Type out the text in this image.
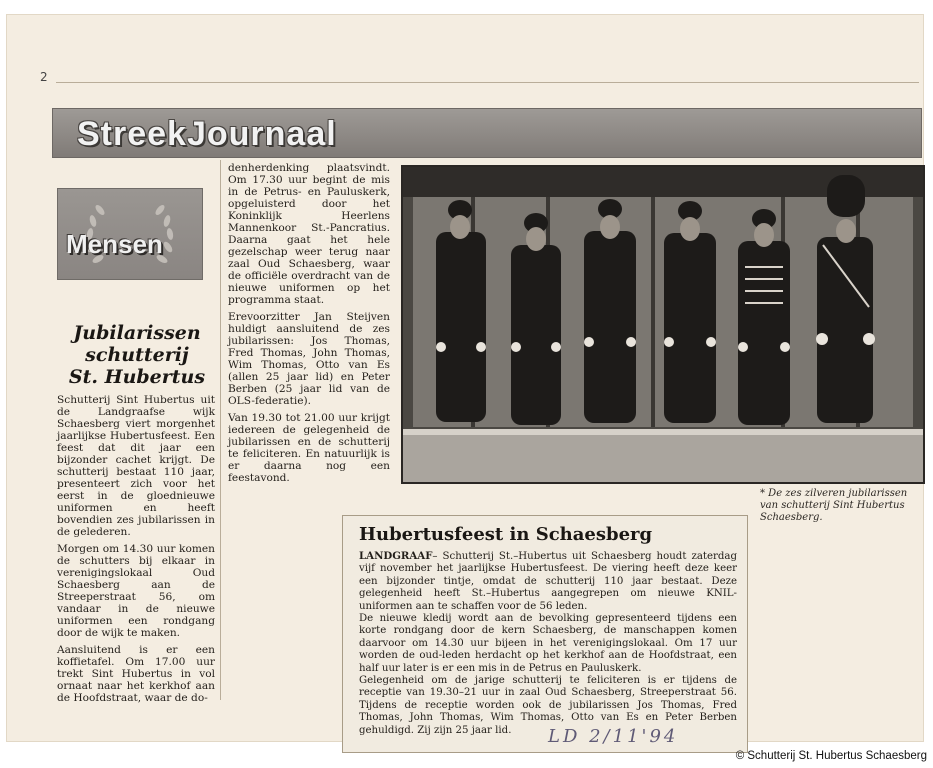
2
StreekJournaal
Mensen
Jubilarissen
schutterij
St. Hubertus

Schutterij Sint Hubertus uit de Landgraafse wijk Schaesberg viert morgenhet jaarlijkse Hubertusfeest. Een feest dat dit jaar een bijzonder cachet krijgt. De schutterij bestaat 110 jaar, presenteert zich voor het eerst in de gloednieuwe uniformen en heeft bovendien zes jubilarissen in de gelederen.

Morgen om 14.30 uur komen de schutters bij elkaar in verenigingslokaal Oud Schaesberg aan de Streeperstraat 56, om vandaar in de nieuwe uniformen een rondgang door de wijk te maken.

Aansluitend is er een koffietafel. Om 17.00 uur trekt Sint Hubertus in vol ornaat naar het kerkhof aan de Hoofdstraat, waar de do-

denherdenking plaatsvindt. Om 17.30 uur begint de mis in de Petrus- en Pauluskerk, opgeluisterd door het Koninklijk Heerlens Mannenkoor St.-Pancratius. Daarna gaat het hele gezelschap weer terug naar zaal Oud Schaesberg, waar de officiële overdracht van de nieuwe uniformen op het programma staat.

Erevoorzitter Jan Steijven huldigt aansluitend de zes jubilarissen: Jos Thomas, Fred Thomas, John Thomas, Wim Thomas, Otto van Es (allen 25 jaar lid) en Peter Berben (25 jaar lid van de OLS-federatie).

Van 19.30 tot 21.00 uur krijgt iedereen de gelegenheid de jubilarissen en de schutterij te feliciteren. En natuurlijk is er daarna nog een feestavond.

* De zes zilveren jubilarissen van schutterij Sint Hubertus Schaesberg.
Hubertusfeest in Schaesberg

LANDGRAAF– Schutterij St.–Hubertus uit Schaesberg houdt zaterdag vijf november het jaarlijkse Hubertusfeest. De viering heeft deze keer een bijzonder tintje, omdat de schutterij 110 jaar bestaat. Deze gelegenheid heeft St.–Hubertus aangegrepen om nieuwe KNIL-uniformen aan te schaffen voor de 56 leden.

De nieuwe kledij wordt aan de bevolking gepresenteerd tijdens een korte rondgang door de kern Schaesberg, de manschappen komen daarvoor om 14.30 uur bijeen in het verenigingslokaal. Om 17 uur worden de oud-leden herdacht op het kerkhof aan de Hoofdstraat, een half uur later is er een mis in de Petrus en Pauluskerk.

Gelegenheid om de jarige schutterij te feliciteren is er tijdens de receptie van 19.30–21 uur in zaal Oud Schaesberg, Streeperstraat 56. Tijdens de receptie worden ook de jubilarissen Jos Thomas, Fred Thomas, John Thomas, Wim Thomas, Otto van Es en Peter Berben gehuldigd. Zij zijn 25 jaar lid.	LD 2/11'94
© Schutterij St. Hubertus Schaesberg
